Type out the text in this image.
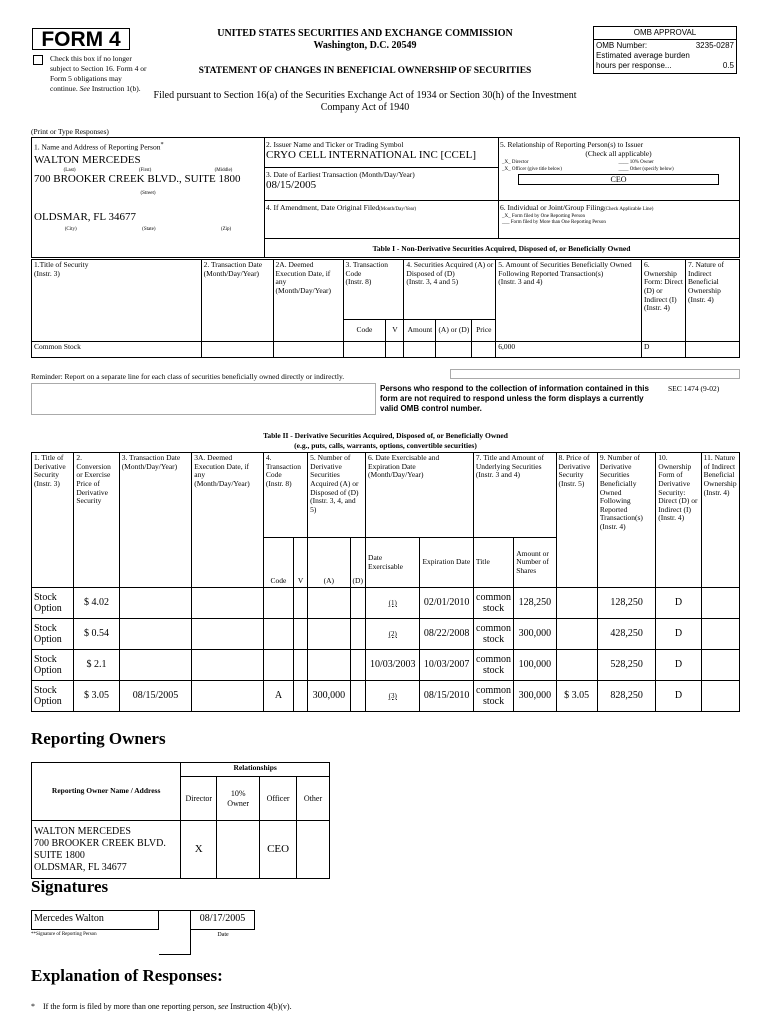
FORM 4
Check this box if no longer subject to Section 16. Form 4 or Form 5 obligations may continue. See Instruction 1(b).
UNITED STATES SECURITIES AND EXCHANGE COMMISSION
Washington, D.C. 20549
STATEMENT OF CHANGES IN BENEFICIAL OWNERSHIP OF SECURITIES
Filed pursuant to Section 16(a) of the Securities Exchange Act of 1934 or Section 30(h) of the Investment Company Act of 1940
OMB APPROVAL
OMB Number:	3235-0287
Estimated average burden
hours per response...	0.5
(Print or Type Responses)
1. Name and Address of Reporting Person*
WALTON MERCEDES
(Last)	(First)	(Middle)
700 BROOKER CREEK BLVD., SUITE 1800
(Street)
OLDSMAR, FL 34677
(City)	(State)	(Zip)
2. Issuer Name and Ticker or Trading Symbol
CRYO CELL INTERNATIONAL INC [CCEL]
3. Date of Earliest Transaction (Month/Day/Year)
08/15/2005
4. If Amendment, Date Original Filed(Month/Day/Year)
5. Relationship of Reporting Person(s) to Issuer
(Check all applicable)
_X_ Director	____ 10% Owner
_X_ Officer (give title below)	____ Other (specify below)
CEO
6. Individual or Joint/Group Filing(Check Applicable Line)
_X_ Form filed by One Reporting Person
___ Form filed by More than One Reporting Person
Table I - Non-Derivative Securities Acquired, Disposed of, or Beneficially Owned
1.Title of Security
(Instr. 3)	2. Transaction Date
(Month/Day/Year)	2A. Deemed Execution Date, if any
(Month/Day/Year)	3. Transaction Code
(Instr. 8)		4. Securities Acquired (A) or Disposed of (D)
(Instr. 3, 4 and 5)			5. Amount of Securities Beneficially Owned Following Reported Transaction(s)
(Instr. 3 and 4)	6. Ownership Form: Direct (D) or Indirect (I)
(Instr. 4)	7. Nature of Indirect Beneficial Ownership
(Instr. 4)
			Code	V	Amount	(A) or (D)	Price			
Common Stock								6,000	D	
Reminder: Report on a separate line for each class of securities beneficially owned directly or indirectly.
Persons who respond to the collection of information contained in this form are not required to respond unless the form displays a currently valid OMB control number.
SEC 1474 (9-02)
Table II - Derivative Securities Acquired, Disposed of, or Beneficially Owned
(e.g., puts, calls, warrants, options, convertible securities)
1. Title of Derivative Security
(Instr. 3)	2. Conversion or Exercise Price of Derivative Security	3. Transaction Date
(Month/Day/Year)	3A. Deemed Execution Date, if any
(Month/Day/Year)	4. Transaction Code
(Instr. 8)		5. Number of Derivative Securities Acquired (A) or Disposed of (D)
(Instr. 3, 4, and 5)		6. Date Exercisable and Expiration Date
(Month/Day/Year)		7. Title and Amount of Underlying Securities
(Instr. 3 and 4)		8. Price of Derivative Security
(Instr. 5)	9. Number of Derivative Securities Beneficially Owned Following Reported Transaction(s)
(Instr. 4)	10. Ownership Form of Derivative Security: Direct (D) or Indirect (I)
(Instr. 4)	11. Nature of Indirect Beneficial Ownership
(Instr. 4)
				Code	V	(A)	(D)	Date Exercisable	Expiration Date	Title	Amount or Number of Shares				
Stock Option	$ 4.02							(1)	02/01/2010	common stock	128,250		128,250	D	
Stock Option	$ 0.54							(2)	08/22/2008	common stock	300,000		428,250	D	
Stock Option	$ 2.1							10/03/2003	10/03/2007	common stock	100,000		528,250	D	
Stock Option	$ 3.05	08/15/2005		A		300,000		(3)	08/15/2010	common stock	300,000	$ 3.05	828,250	D	
Reporting Owners
Reporting Owner Name / Address	Relationships			
	Director	10% Owner	Officer	Other

WALTON MERCEDES
700 BROOKER CREEK BLVD.
SUITE 1800
OLDSMAR, FL 34677	X		CEO	
Signatures
Mercedes Walton
**Signature of Reporting Person
08/17/2005
Date
Explanation of Responses:
* If the form is filed by more than one reporting person, see Instruction 4(b)(v).
